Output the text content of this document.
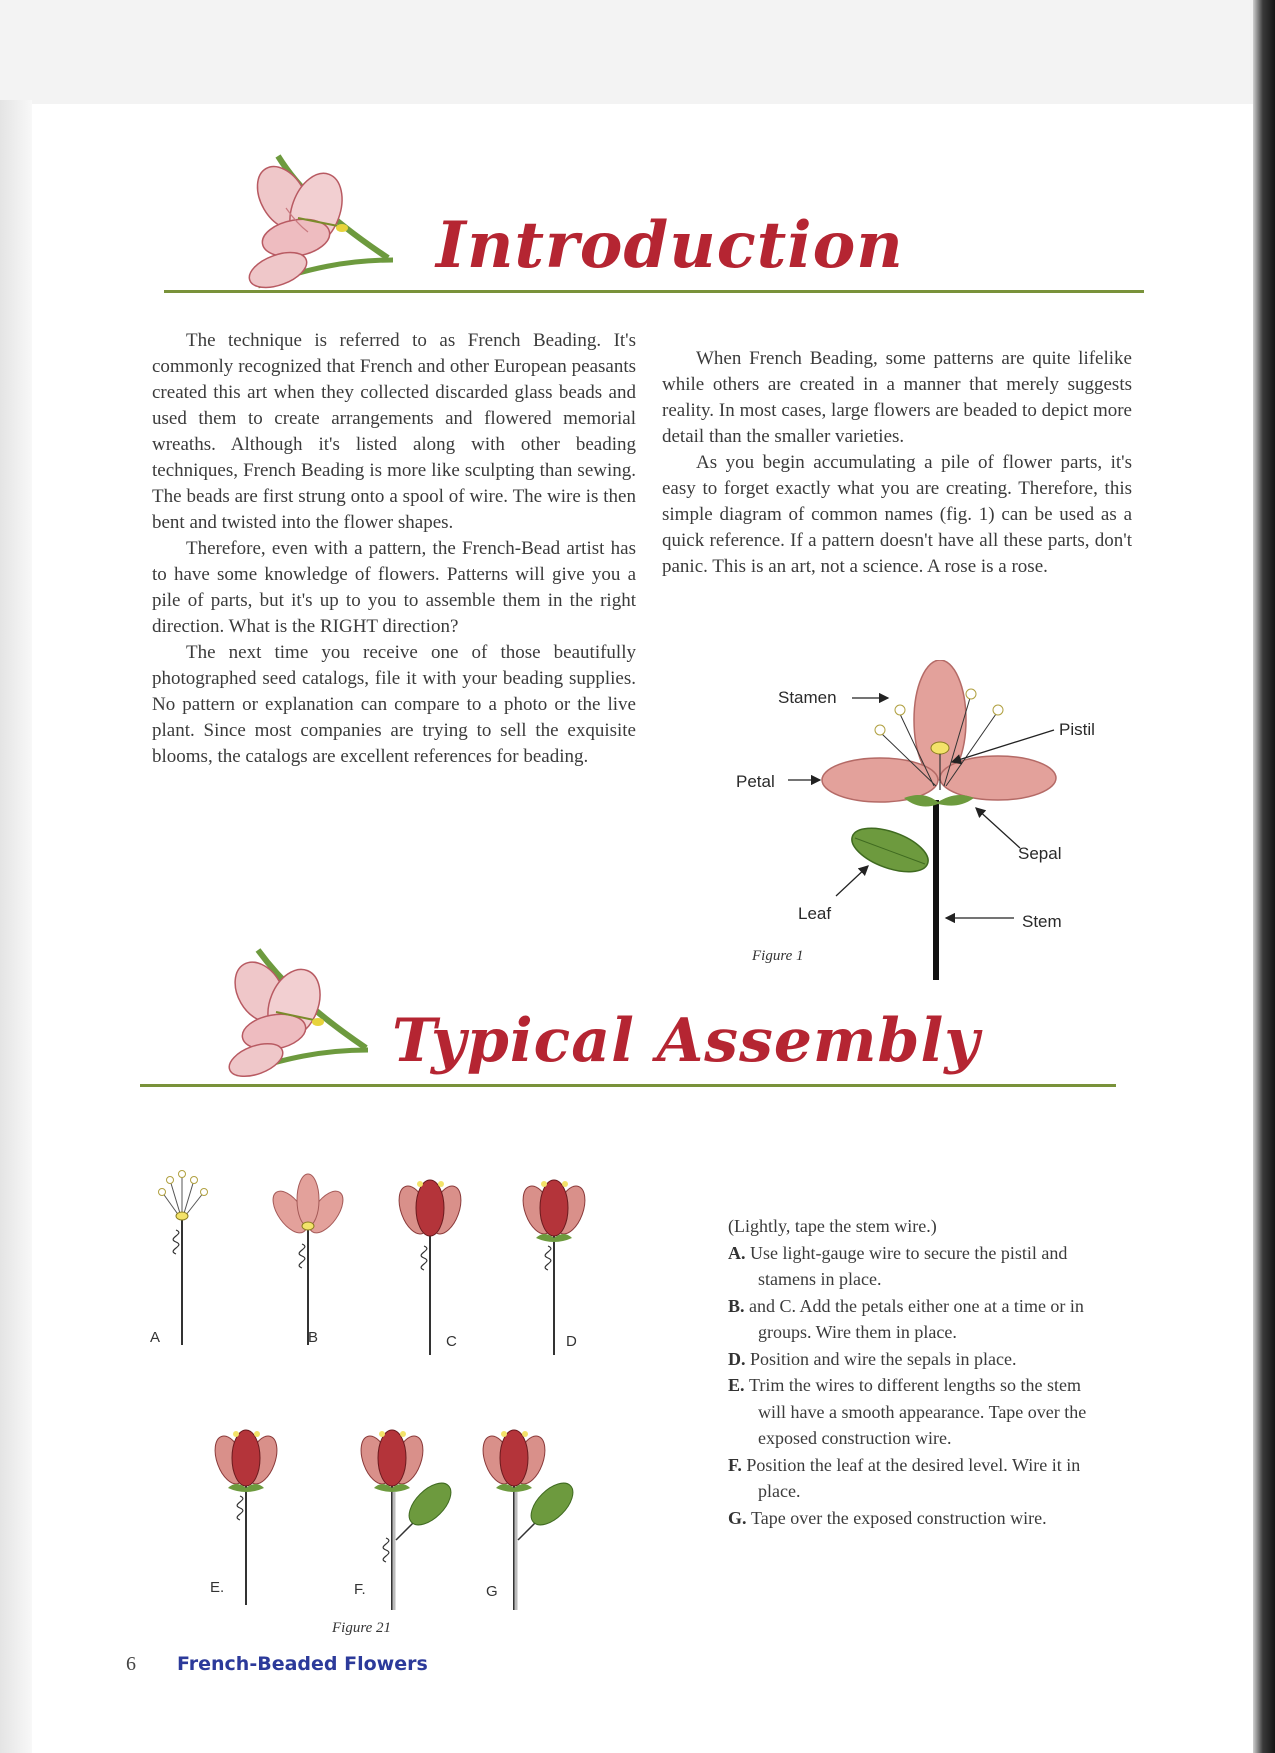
Introduction

The technique is referred to as French Beading. It's commonly recognized that French and other European peasants created this art when they collected discarded glass beads and used them to create arrangements and flowered memorial wreaths. Although it's listed along with other beading techniques, French Beading is more like sculpting than sewing. The beads are first strung onto a spool of wire. The wire is then bent and twisted into the flower shapes.

Therefore, even with a pattern, the French-Bead artist has to have some knowledge of flowers. Patterns will give you a pile of parts, but it's up to you to assemble them in the right direction. What is the RIGHT direction?

The next time you receive one of those beautifully photographed seed catalogs, file it with your beading supplies. No pattern or explanation can compare to a photo or the live plant. Since most companies are trying to sell the exquisite blooms, the catalogs are excellent references for beading.

When French Beading, some patterns are quite lifelike while others are created in a manner that merely suggests reality. In most cases, large flowers are beaded to depict more detail than the smaller varieties.

As you begin accumulating a pile of flower parts, it's easy to forget exactly what you are creating. Therefore, this simple diagram of common names (fig. 1) can be used as a quick reference. If a pattern doesn't have all these parts, don't panic. This is an art, not a science. A rose is a rose.

Stamen
Pistil
Petal
Sepal
Leaf	Stem
Figure 1
Typical Assembly
A	B	C	D
E.	F.	G
Figure 21

(Lightly, tape the stem wire.)

A. Use light-gauge wire to secure the pistil and stamens in place.

B. and C. Add the petals either one at a time or in groups. Wire them in place.

D. Position and wire the sepals in place.

E. Trim the wires to different lengths so the stem will have a smooth appearance. Tape over the exposed construction wire.

F. Position the leaf at the desired level. Wire it in place.

G. Tape over the exposed construction wire.

6 French-Beaded Flowers
